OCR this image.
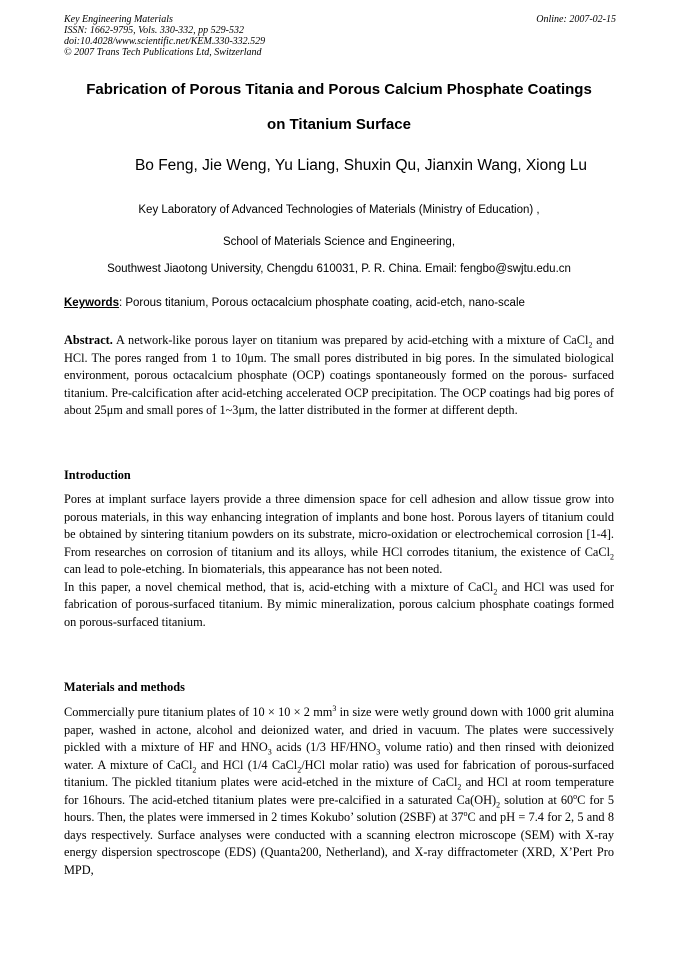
Key Engineering Materials
ISSN: 1662-9795, Vols. 330-332, pp 529-532
doi:10.4028/www.scientific.net/KEM.330-332.529
© 2007 Trans Tech Publications Ltd, Switzerland
Online: 2007-02-15
Fabrication of Porous Titania and Porous Calcium Phosphate Coatings
on Titanium Surface
Bo Feng, Jie Weng, Yu Liang, Shuxin Qu, Jianxin Wang, Xiong Lu
Key Laboratory of Advanced Technologies of Materials (Ministry of Education) ,
School of Materials Science and Engineering,
Southwest Jiaotong University, Chengdu 610031, P. R. China. Email: fengbo@swjtu.edu.cn
Keywords: Porous titanium, Porous octacalcium phosphate coating, acid-etch, nano-scale

Abstract. A network-like porous layer on titanium was prepared by acid-etching with a mixture of CaCl$_2$ and HCl. The pores ranged from 1 to 10μm. The small pores distributed in big pores. In the simulated biological environment, porous octacalcium phosphate (OCP) coatings spontaneously formed on the porous- surfaced titanium. Pre-calcification after acid-etching accelerated OCP precipitation. The OCP coatings had big pores of about 25μm and small pores of 1~3μm, the latter distributed in the former at different depth.

Introduction

Pores at implant surface layers provide a three dimension space for cell adhesion and allow tissue grow into porous materials, in this way enhancing integration of implants and bone host. Porous layers of titanium could be obtained by sintering titanium powders on its substrate, micro-oxidation or electrochemical corrosion [1-4]. From researches on corrosion of titanium and its alloys, while HCl corrodes titanium, the existence of CaCl$_2$ can lead to pole-etching. In biomaterials, this appearance has not been noted.

In this paper, a novel chemical method, that is, acid-etching with a mixture of CaCl$_2$ and HCl was used for fabrication of porous-surfaced titanium. By mimic mineralization, porous calcium phosphate coatings formed on porous-surfaced titanium.

Materials and methods

Commercially pure titanium plates of 10 × 10 × 2 $mm^3$ in size were wetly ground down with 1000 grit alumina paper, washed in actone, alcohol and deionized water, and dried in vacuum. The plates were successively pickled with a mixture of HF and $HNO_3$ acids (1/3 $HF/HNO_3$ volume ratio) and then rinsed with deionized water. A mixture of CaCl$_2$ and HCl (1/4 CaCl$_2$/HCl molar ratio) was used for fabrication of porous-surfaced titanium. The pickled titanium plates were acid-etched in the mixture of CaCl$_2$ and HCl at room temperature for 16hours. The acid-etched titanium plates were pre-calcified in a saturated $Ca(OH)_2$ solution at 60$^o$C for 5 hours. Then, the plates were immersed in 2 times Kokubo’ solution (2SBF) at 37$^o$C and pH = 7.4 for 2, 5 and 8 days respectively. Surface analyses were conducted with a scanning electron microscope (SEM) with X-ray energy dispersion spectroscope (EDS) (Quanta200, Netherland), and X-ray diffractometer (XRD, X’Pert Pro MPD,
